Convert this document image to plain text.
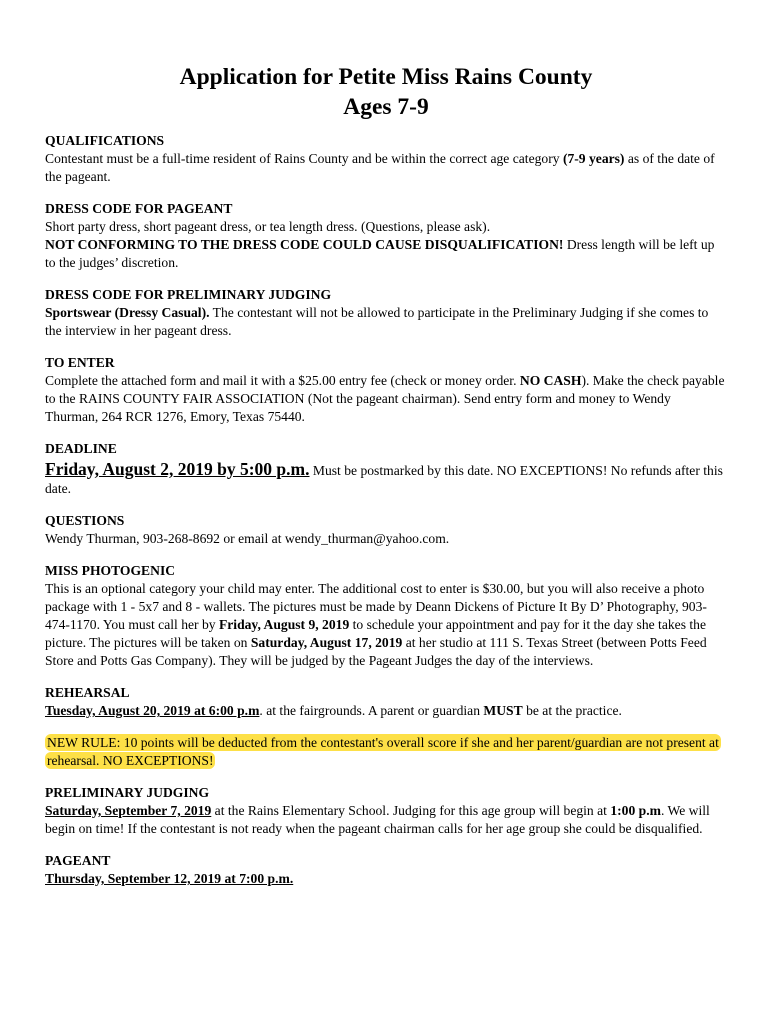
Application for Petite Miss Rains County
Ages 7-9
QUALIFICATIONS
Contestant must be a full-time resident of Rains County and be within the correct age category (7-9 years) as of the date of the pageant.
DRESS CODE FOR PAGEANT
Short party dress, short pageant dress, or tea length dress. (Questions, please ask).
NOT CONFORMING TO THE DRESS CODE COULD CAUSE DISQUALIFICATION! Dress length will be left up to the judges’ discretion.
DRESS CODE FOR PRELIMINARY JUDGING
Sportswear (Dressy Casual). The contestant will not be allowed to participate in the Preliminary Judging if she comes to the interview in her pageant dress.
TO ENTER
Complete the attached form and mail it with a $25.00 entry fee (check or money order. NO CASH). Make the check payable to the RAINS COUNTY FAIR ASSOCIATION (Not the pageant chairman). Send entry form and money to Wendy Thurman, 264 RCR 1276, Emory, Texas 75440.
DEADLINE
Friday, August 2, 2019 by 5:00 p.m. Must be postmarked by this date. NO EXCEPTIONS! No refunds after this date.
QUESTIONS
Wendy Thurman, 903-268-8692 or email at wendy_thurman@yahoo.com.
MISS PHOTOGENIC
This is an optional category your child may enter. The additional cost to enter is $30.00, but you will also receive a photo package with 1 - 5x7 and 8 - wallets. The pictures must be made by Deann Dickens of Picture It By D’ Photography, 903-474-1170. You must call her by Friday, August 9, 2019 to schedule your appointment and pay for it the day she takes the picture. The pictures will be taken on Saturday, August 17, 2019 at her studio at 111 S. Texas Street (between Potts Feed Store and Potts Gas Company). They will be judged by the Pageant Judges the day of the interviews.
REHEARSAL
Tuesday, August 20, 2019 at 6:00 p.m. at the fairgrounds. A parent or guardian MUST be at the practice.
NEW RULE: 10 points will be deducted from the contestant's overall score if she and her parent/guardian are not present at rehearsal. NO EXCEPTIONS!
PRELIMINARY JUDGING
Saturday, September 7, 2019 at the Rains Elementary School. Judging for this age group will begin at 1:00 p.m. We will begin on time! If the contestant is not ready when the pageant chairman calls for her age group she could be disqualified.
PAGEANT
Thursday, September 12, 2019 at 7:00 p.m.
